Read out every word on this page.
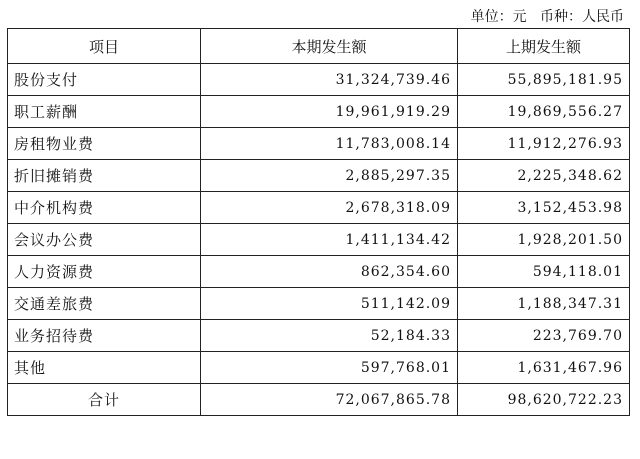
单位：元 币种：人民币
项目	本期发生额	上期发生额
股份支付	31,324,739.46	55,895,181.95
职工薪酬	19,961,919.29	19,869,556.27
房租物业费	11,783,008.14	11,912,276.93
折旧摊销费	2,885,297.35	2,225,348.62
中介机构费	2,678,318.09	3,152,453.98
会议办公费	1,411,134.42	1,928,201.50
人力资源费	862,354.60	594,118.01
交通差旅费	511,142.09	1,188,347.31
业务招待费	52,184.33	223,769.70
其他	597,768.01	1,631,467.96
合计	72,067,865.78	98,620,722.23
